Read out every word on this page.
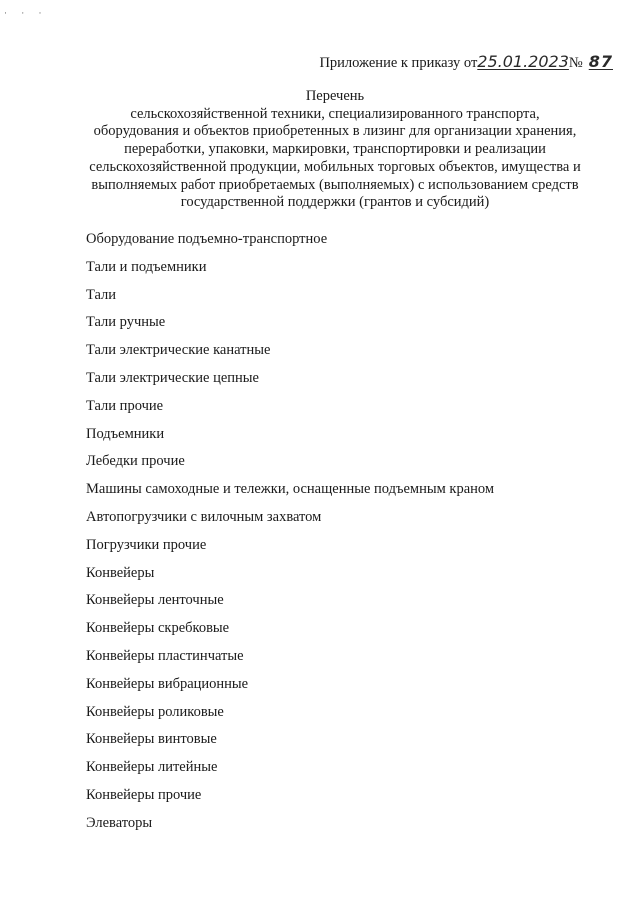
· · ·
Приложение к приказу от 25.01.2023 № 87
Перечень
сельскохозяйственной техники, специализированного транспорта,
оборудования и объектов приобретенных в лизинг для организации хранения,
переработки, упаковки, маркировки, транспортировки и реализации
сельскохозяйственной продукции, мобильных торговых объектов, имущества и
выполняемых работ приобретаемых (выполняемых) с использованием средств
государственной поддержки (грантов и субсидий)
Оборудование подъемно-транспортное
Тали и подъемники
Тали
Тали ручные
Тали электрические канатные
Тали электрические цепные
Тали прочие
Подъемники
Лебедки прочие
Машины самоходные и тележки, оснащенные подъемным краном
Автопогрузчики с вилочным захватом
Погрузчики прочие
Конвейеры
Конвейеры ленточные
Конвейеры скребковые
Конвейеры пластинчатые
Конвейеры вибрационные
Конвейеры роликовые
Конвейеры винтовые
Конвейеры литейные
Конвейеры прочие
Элеваторы
